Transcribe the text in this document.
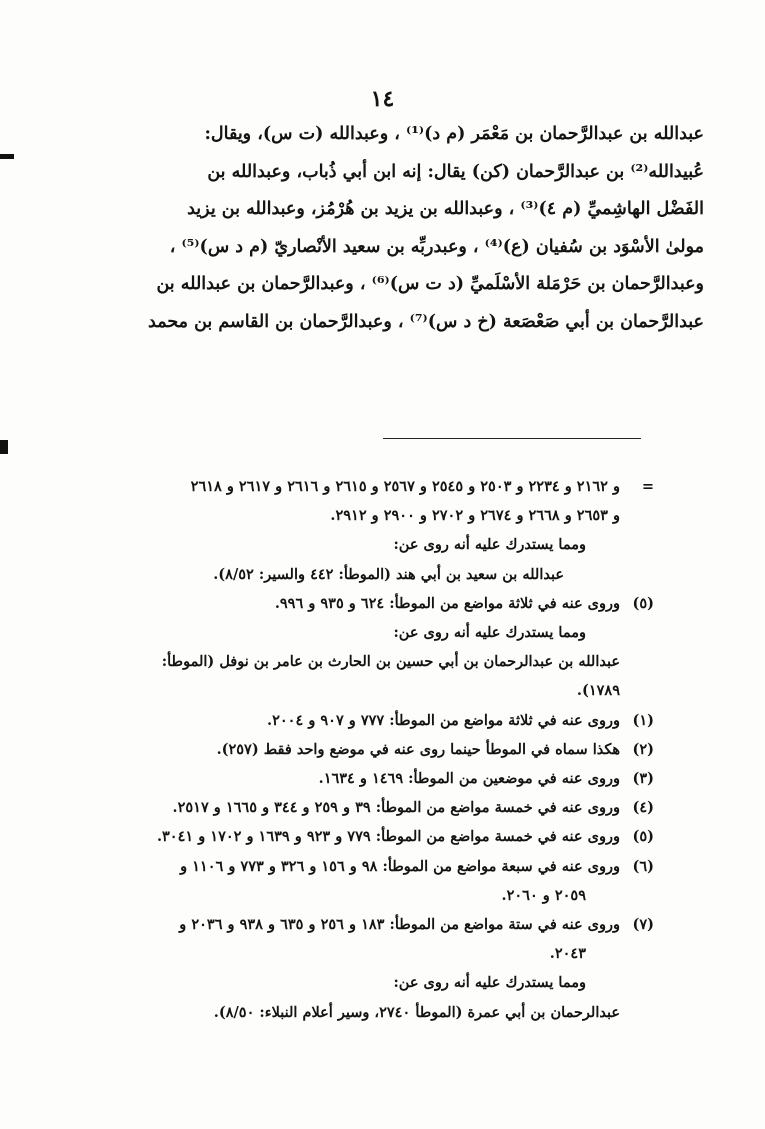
١٤
عبدالله بن عبدالرَّحمان بن مَعْمَر (م د)⁽¹⁾ ، وعبدالله (ت س)، ويقال:
عُبيدالله⁽²⁾ بن عبدالرَّحمان (كن) يقال: إنه ابن أبي ذُباب، وعبدالله بن
الفَضْل الهاشِميِّ (م ٤)⁽³⁾ ، وعبدالله بن يزيد بن هُرْمُز، وعبدالله بن يزيد
مولىٰ الأسْوَد بن سُفيان (ع)⁽⁴⁾ ، وعبدربِّه بن سعيد الأنْصاريّ (م د س)⁽⁵⁾ ،
وعبدالرَّحمان بن حَرْمَلة الأسْلَميِّ (د ت س)⁽⁶⁾ ، وعبدالرَّحمان بن عبدالله بن
عبدالرَّحمان بن أبي صَعْصَعة (خ د س)⁽⁷⁾ ، وعبدالرَّحمان بن القاسم بن محمد
=
و ٢١٦٢ و ٢٢٣٤ و ٢٥٠٣ و ٢٥٤٥ و ٢٥٦٧ و ٢٦١٥ و ٢٦١٦ و ٢٦١٧ و ٢٦١٨
و ٢٦٥٣ و ٢٦٦٨ و ٢٦٧٤ و ٢٧٠٢ و ٢٩٠٠ و ٢٩١٢.
ومما يستدرك عليه أنه روى عن:
عبدالله بن سعيد بن أبي هند (الموطأ: ٤٤٢ والسير: ٨/٥٢).
(٥)
وروى عنه في ثلاثة مواضع من الموطأ: ٦٢٤ و ٩٣٥ و ٩٩٦.
ومما يستدرك عليه أنه روى عن:
عبدالله بن عبدالرحمان بن أبي حسين بن الحارث بن عامر بن نوفل (الموطأ:
١٧٨٩).
(١)
وروى عنه في ثلاثة مواضع من الموطأ: ٧٧٧ و ٩٠٧ و ٢٠٠٤.
(٢)
هكذا سماه في الموطأ حينما روى عنه في موضع واحد فقط (٢٥٧).
(٣)
وروى عنه في موضعين من الموطأ: ١٤٦٩ و ١٦٣٤.
(٤)
وروى عنه في خمسة مواضع من الموطأ: ٣٩ و ٢٥٩ و ٣٤٤ و ١٦٦٥ و ٢٥١٧.
(٥)
وروى عنه في خمسة مواضع من الموطأ: ٧٧٩ و ٩٢٣ و ١٦٣٩ و ١٧٠٢ و ٣٠٤١.
(٦)
وروى عنه في سبعة مواضع من الموطأ: ٩٨ و ١٥٦ و ٣٢٦ و ٧٧٣ و ١١٠٦ و
٢٠٥٩ و ٢٠٦٠.
(٧)
وروى عنه في ستة مواضع من الموطأ: ١٨٣ و ٢٥٦ و ٦٣٥ و ٩٣٨ و ٢٠٣٦ و
٢٠٤٣.
ومما يستدرك عليه أنه روى عن:
عبدالرحمان بن أبي عمرة (الموطأ ٢٧٤٠، وسير أعلام النبلاء: ٨/٥٠).
